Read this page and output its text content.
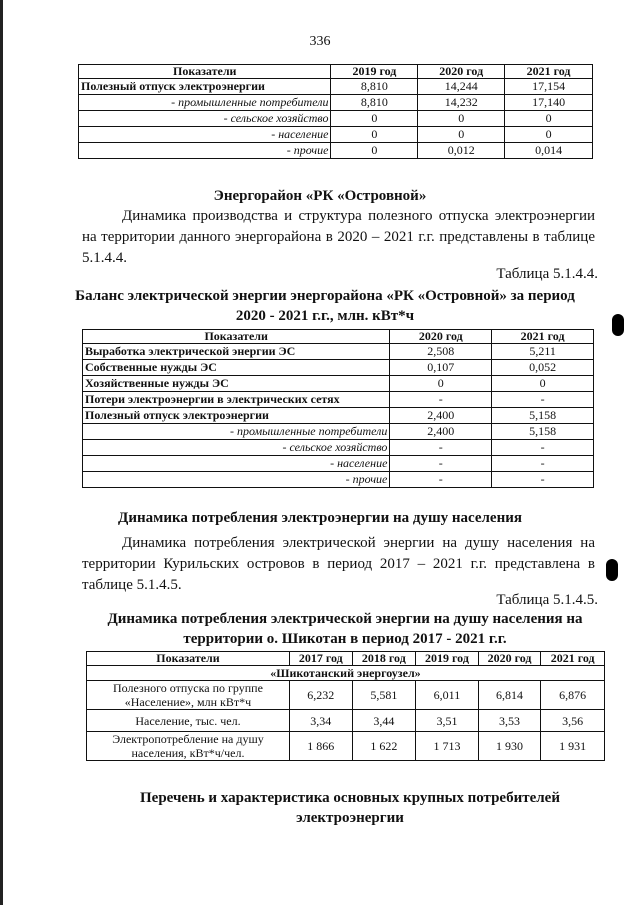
336
Показатели	2019 год	2020 год	2021 год
Полезный отпуск электроэнергии	8,810	14,244	17,154
- промышленные потребители	8,810	14,232	17,140
- сельское хозяйство	0	0	0
- население	0	0	0
- прочие	0	0,012	0,014
Энергорайон «РК «Островной»
Динамика производства и структура полезного отпуска электроэнергии на территории данного энергорайона в 2020 – 2021 г.г. представлены в таблице 5.1.4.4.
Таблица 5.1.4.4.
Баланс электрической энергии энергорайона «РК «Островной» за период 2020 - 2021 г.г., млн. кВт*ч
Показатели	2020 год	2021 год
Выработка электрической энергии ЭС	2,508	5,211
Собственные нужды ЭС	0,107	0,052
Хозяйственные нужды ЭС	0	0
Потери электроэнергии в электрических сетях	-	-
Полезный отпуск электроэнергии	2,400	5,158
- промышленные потребители	2,400	5,158
- сельское хозяйство	-	-
- население	-	-
- прочие	-	-
Динамика потребления электроэнергии на душу населения
Динамика потребления электрической энергии на душу населения на территории Курильских островов в период 2017 – 2021 г.г. представлена в таблице 5.1.4.5.
Таблица 5.1.4.5.
Динамика потребления электрической энергии на душу населения на территории о. Шикотан в период 2017 - 2021 г.г.
Показатели	2017 год	2018 год	2019 год	2020 год	2021 год
«Шикотанский энергоузел»					
Полезного отпуска по группе «Население», млн кВт*ч	6,232	5,581	6,011	6,814	6,876
Население, тыс. чел.	3,34	3,44	3,51	3,53	3,56
Электропотребление на душу населения, кВт*ч/чел.	1 866	1 622	1 713	1 930	1 931
Перечень и характеристика основных крупных потребителей электроэнергии
